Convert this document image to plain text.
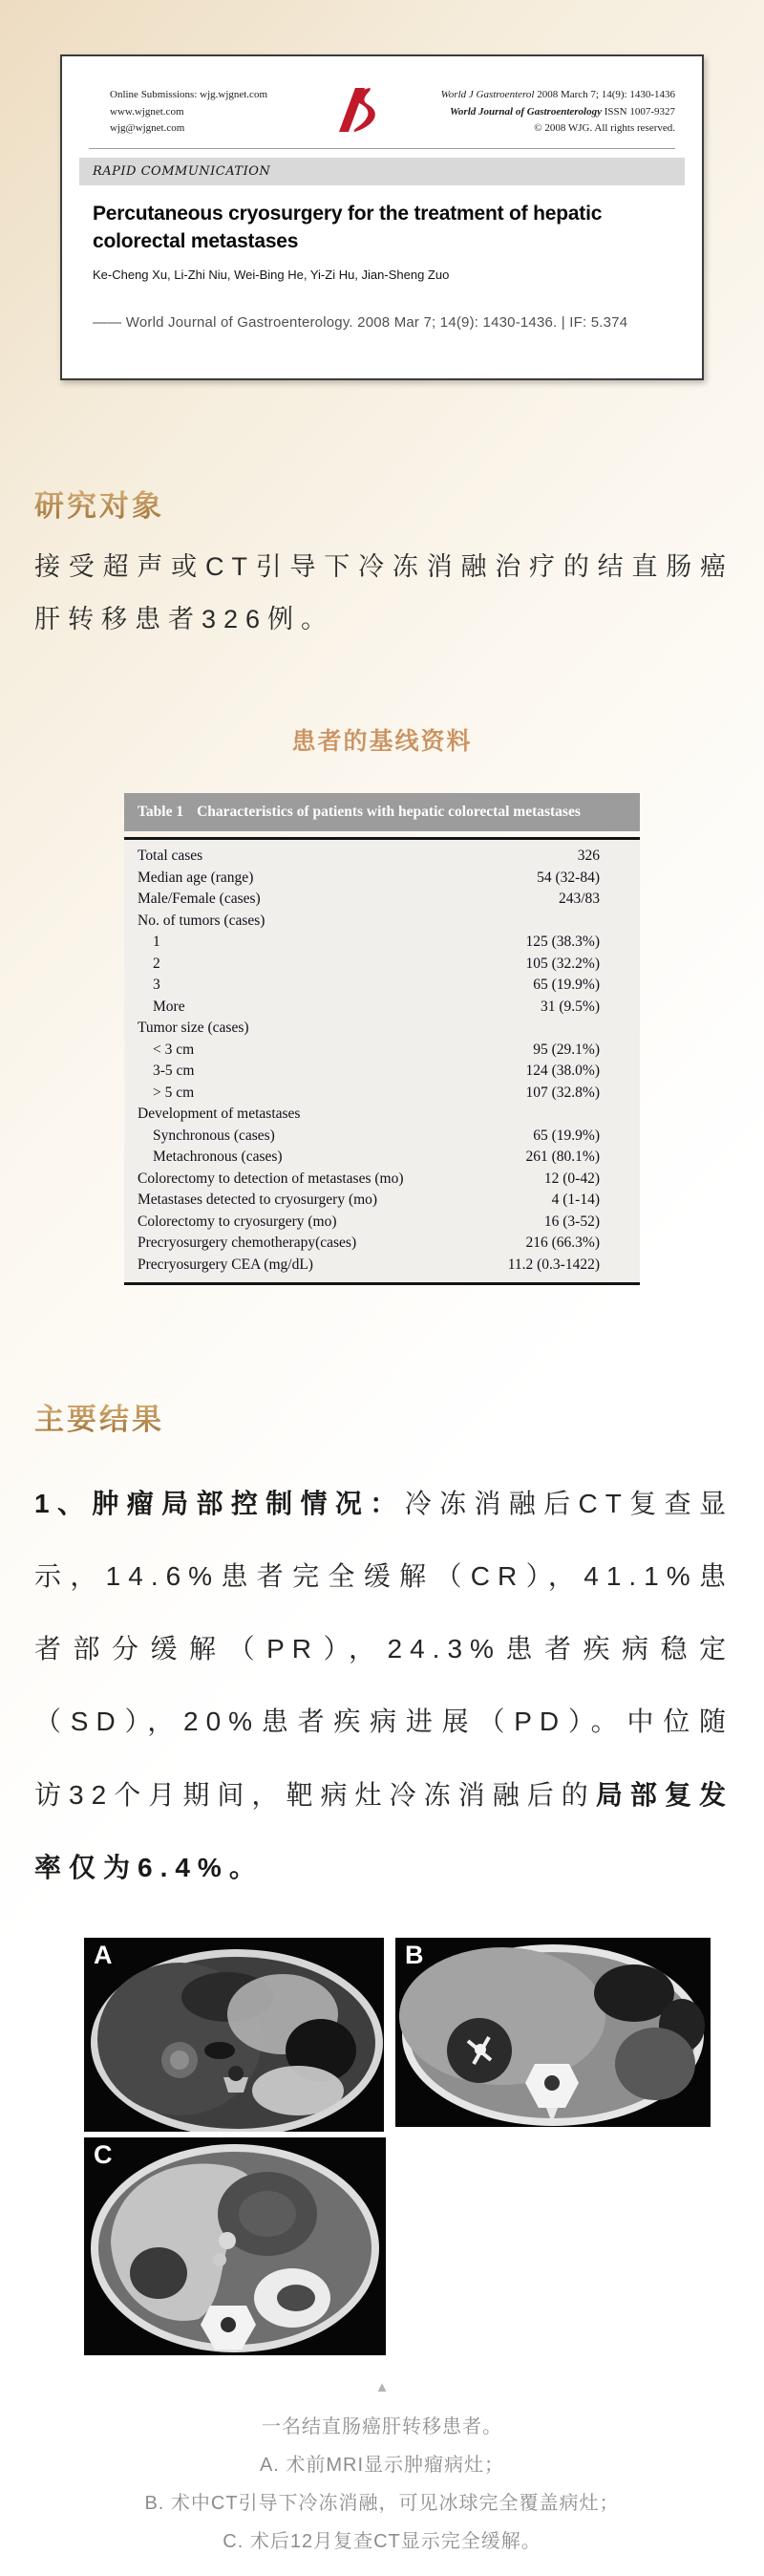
Online Submissions: wjg.wjgnet.com
www.wjgnet.com
wjg@wjgnet.com
World J Gastroenterol 2008 March 7; 14(9): 1430-1436
World Journal of Gastroenterology ISSN 1007-9327
© 2008 WJG. All rights reserved.
RAPID COMMUNICATION
Percutaneous cryosurgery for the treatment of hepatic colorectal metastases
Ke-Cheng Xu, Li-Zhi Niu, Wei-Bing He, Yi-Zi Hu, Jian-Sheng Zuo
—— World Journal of Gastroenterology. 2008 Mar 7; 14(9): 1430-1436. | IF: 5.374
研究对象

接受超声或CT引导下冷冻消融治疗的结直肠癌肝转移患者326例。

患者的基线资料
Table 1 Characteristics of patients with hepatic colorectal metastases
Total cases	326
Median age (range)	54 (32-84)
Male/Female (cases)	243/83
No. of tumors (cases)
1	125 (38.3%)
2	105 (32.2%)
3	65 (19.9%)
More	31 (9.5%)
Tumor size (cases)
< 3 cm	95 (29.1%)
3-5 cm	124 (38.0%)
> 5 cm	107 (32.8%)
Development of metastases
Synchronous (cases)	65 (19.9%)
Metachronous (cases)	261 (80.1%)
Colorectomy to detection of metastases (mo)	12 (0-42)
Metastases detected to cryosurgery (mo)	4 (1-14)
Colorectomy to cryosurgery (mo)	16 (3-52)
Precryosurgery chemotherapy(cases)	216 (66.3%)
Precryosurgery CEA (mg/dL)	11.2 (0.3-1422)
主要结果

1、肿瘤局部控制情况：冷冻消融后CT复查显示，14.6%患者完全缓解（CR），41.1%患者部分缓解（PR），24.3%患者疾病稳定（SD），20%患者疾病进展（PD）。中位随访32个月期间，靶病灶冷冻消融后的局部复发率仅为6.4%。

A	B
C
▲
一名结直肠癌肝转移患者。
A. 术前MRI显示肿瘤病灶；
B. 术中CT引导下冷冻消融，可见冰球完全覆盖病灶；
C. 术后12月复查CT显示完全缓解。
